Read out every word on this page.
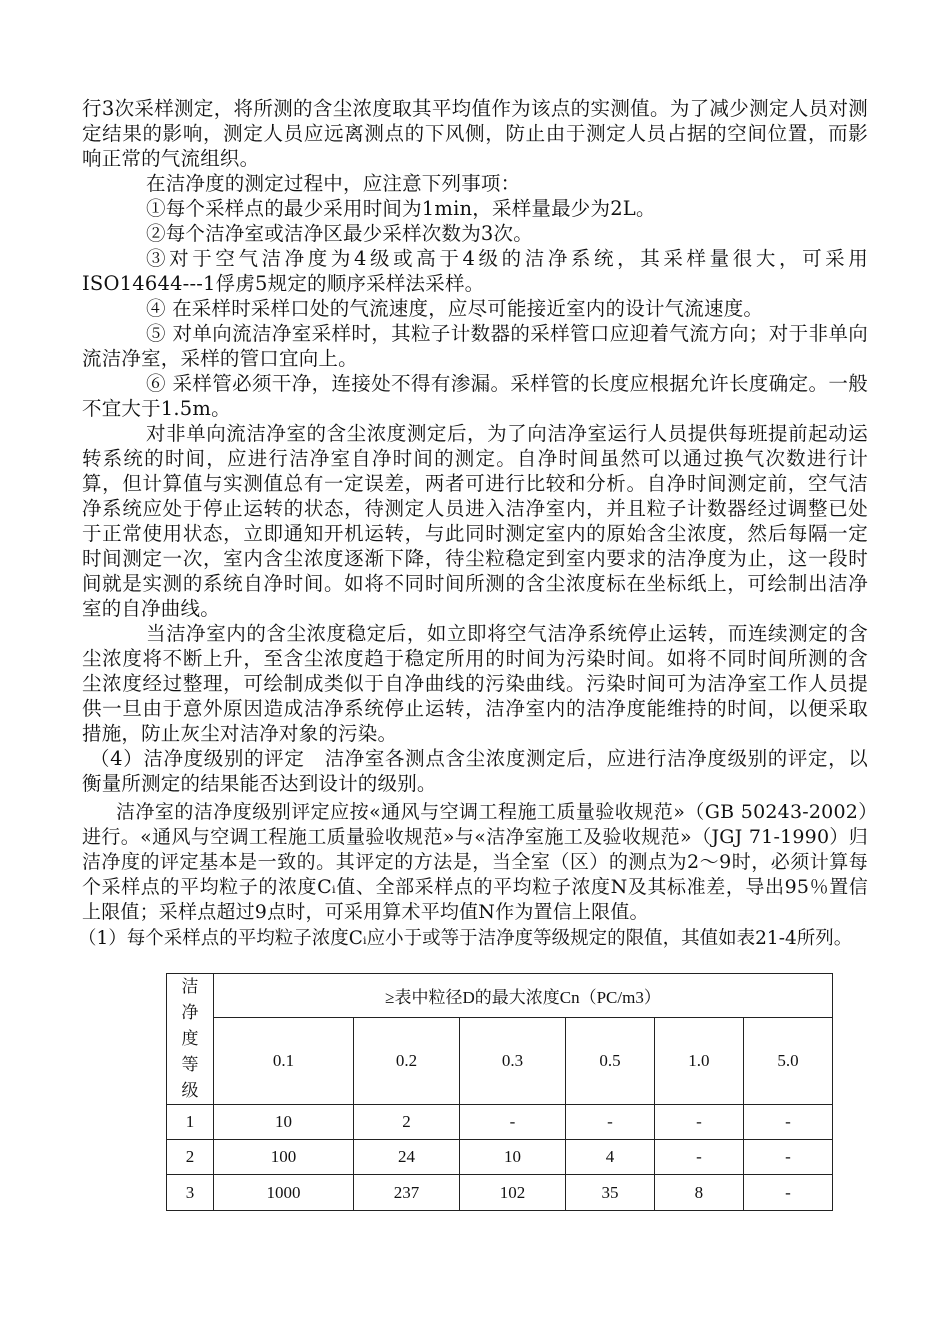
行3次采样测定，将所测的含尘浓度取其平均值作为该点的实测值。为了减少测定人员对测定结果的影响，测定人员应远离测点的下风侧，防止由于测定人员占据的空间位置，而影响正常的气流组织。

在洁净度的测定过程中，应注意下列事项：

①每个采样点的最少采用时间为1min，采样量最少为2L。

②每个洁净室或洁净区最少采样次数为3次。

③对于空气洁净度为4级或高于4级的洁净系统，其采样量很大，可采用ISO14644---1俘虏5规定的顺序采样法采样。

④ 在采样时采样口处的气流速度，应尽可能接近室内的设计气流速度。

⑤ 对单向流洁净室采样时，其粒子计数器的采样管口应迎着气流方向；对于非单向流洁净室，采样的管口宜向上。

⑥ 采样管必须干净，连接处不得有渗漏。采样管的长度应根据允许长度确定。一般不宜大于1.5m。

对非单向流洁净室的含尘浓度测定后，为了向洁净室运行人员提供每班提前起动运转系统的时间，应进行洁净室自净时间的测定。自净时间虽然可以通过换气次数进行计算，但计算值与实测值总有一定误差，两者可进行比较和分析。自净时间测定前，空气洁净系统应处于停止运转的状态，待测定人员进入洁净室内，并且粒子计数器经过调整已处于正常使用状态，立即通知开机运转，与此同时测定室内的原始含尘浓度，然后每隔一定时间测定一次，室内含尘浓度逐渐下降，待尘粒稳定到室内要求的洁净度为止，这一段时间就是实测的系统自净时间。如将不同时间所测的含尘浓度标在坐标纸上，可绘制出洁净室的自净曲线。

当洁净室内的含尘浓度稳定后，如立即将空气洁净系统停止运转，而连续测定的含尘浓度将不断上升，至含尘浓度趋于稳定所用的时间为污染时间。如将不同时间所测的含尘浓度经过整理，可绘制成类似于自净曲线的污染曲线。污染时间可为洁净室工作人员提供一旦由于意外原因造成洁净系统停止运转，洁净室内的洁净度能维持的时间，以便采取措施，防止灰尘对洁净对象的污染。

（4）洁净度级别的评定　洁净室各测点含尘浓度测定后，应进行洁净度级别的评定，以衡量所测定的结果能否达到设计的级别。

洁净室的洁净度级别评定应按«通风与空调工程施工质量验收规范»（GB 50243-2002）进行。«通风与空调工程施工质量验收规范»与«洁净室施工及验收规范»（JGJ 71-1990）归洁净度的评定基本是一致的。其评定的方法是，当全室（区）的测点为2～9时，必须计算每个采样点的平均粒子的浓度Cᵢ值、全部采样点的平均粒子浓度N及其标准差，导出95％置信上限值；采样点超过9点时，可采用算术平均值N作为置信上限值。

（1）每个采样点的平均粒子浓度Cᵢ应小于或等于洁净度等级规定的限值，其值如表21-4所列。

洁
净
度
等
级	≥表中粒径D的最大浓度Cn（PC/m3）					
	0.1	0.2	0.3	0.5	1.0	5.0
1	10	2	-	-	-	-
2	100	24	10	4	-	-
3	1000	237	102	35	8	-
